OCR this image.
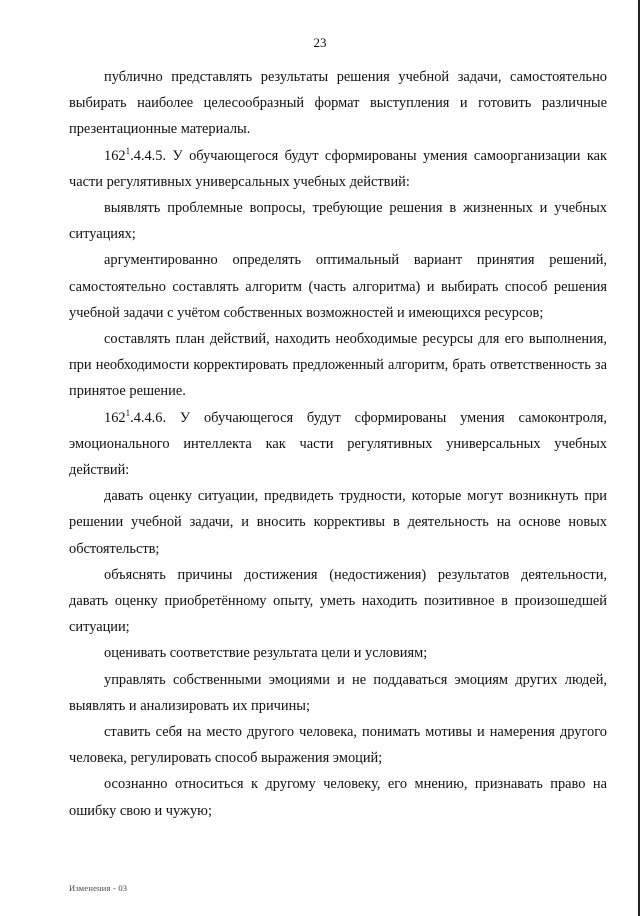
23

публично представлять результаты решения учебной задачи, самостоятельно выбирать наиболее целесообразный формат выступления и готовить различные презентационные материалы.

$162^1.4.4.5$. У обучающегося будут сформированы умения самоорганизации как части регулятивных универсальных учебных действий:

выявлять проблемные вопросы, требующие решения в жизненных и учебных ситуациях;

аргументированно определять оптимальный вариант принятия решений, самостоятельно составлять алгоритм (часть алгоритма) и выбирать способ решения учебной задачи с учётом собственных возможностей и имеющихся ресурсов;

составлять план действий, находить необходимые ресурсы для его выполнения, при необходимости корректировать предложенный алгоритм, брать ответственность за принятое решение.

$162^1.4.4.6$. У обучающегося будут сформированы умения самоконтроля, эмоционального интеллекта как части регулятивных универсальных учебных действий:

давать оценку ситуации, предвидеть трудности, которые могут возникнуть при решении учебной задачи, и вносить коррективы в деятельность на основе новых обстоятельств;

объяснять причины достижения (недостижения) результатов деятельности, давать оценку приобретённому опыту, уметь находить позитивное в произошедшей ситуации;

оценивать соответствие результата цели и условиям;

управлять собственными эмоциями и не поддаваться эмоциям других людей, выявлять и анализировать их причины;

ставить себя на место другого человека, понимать мотивы и намерения другого человека, регулировать способ выражения эмоций;

осознанно относиться к другому человеку, его мнению, признавать право на ошибку свою и чужую;

Изменения - 03
